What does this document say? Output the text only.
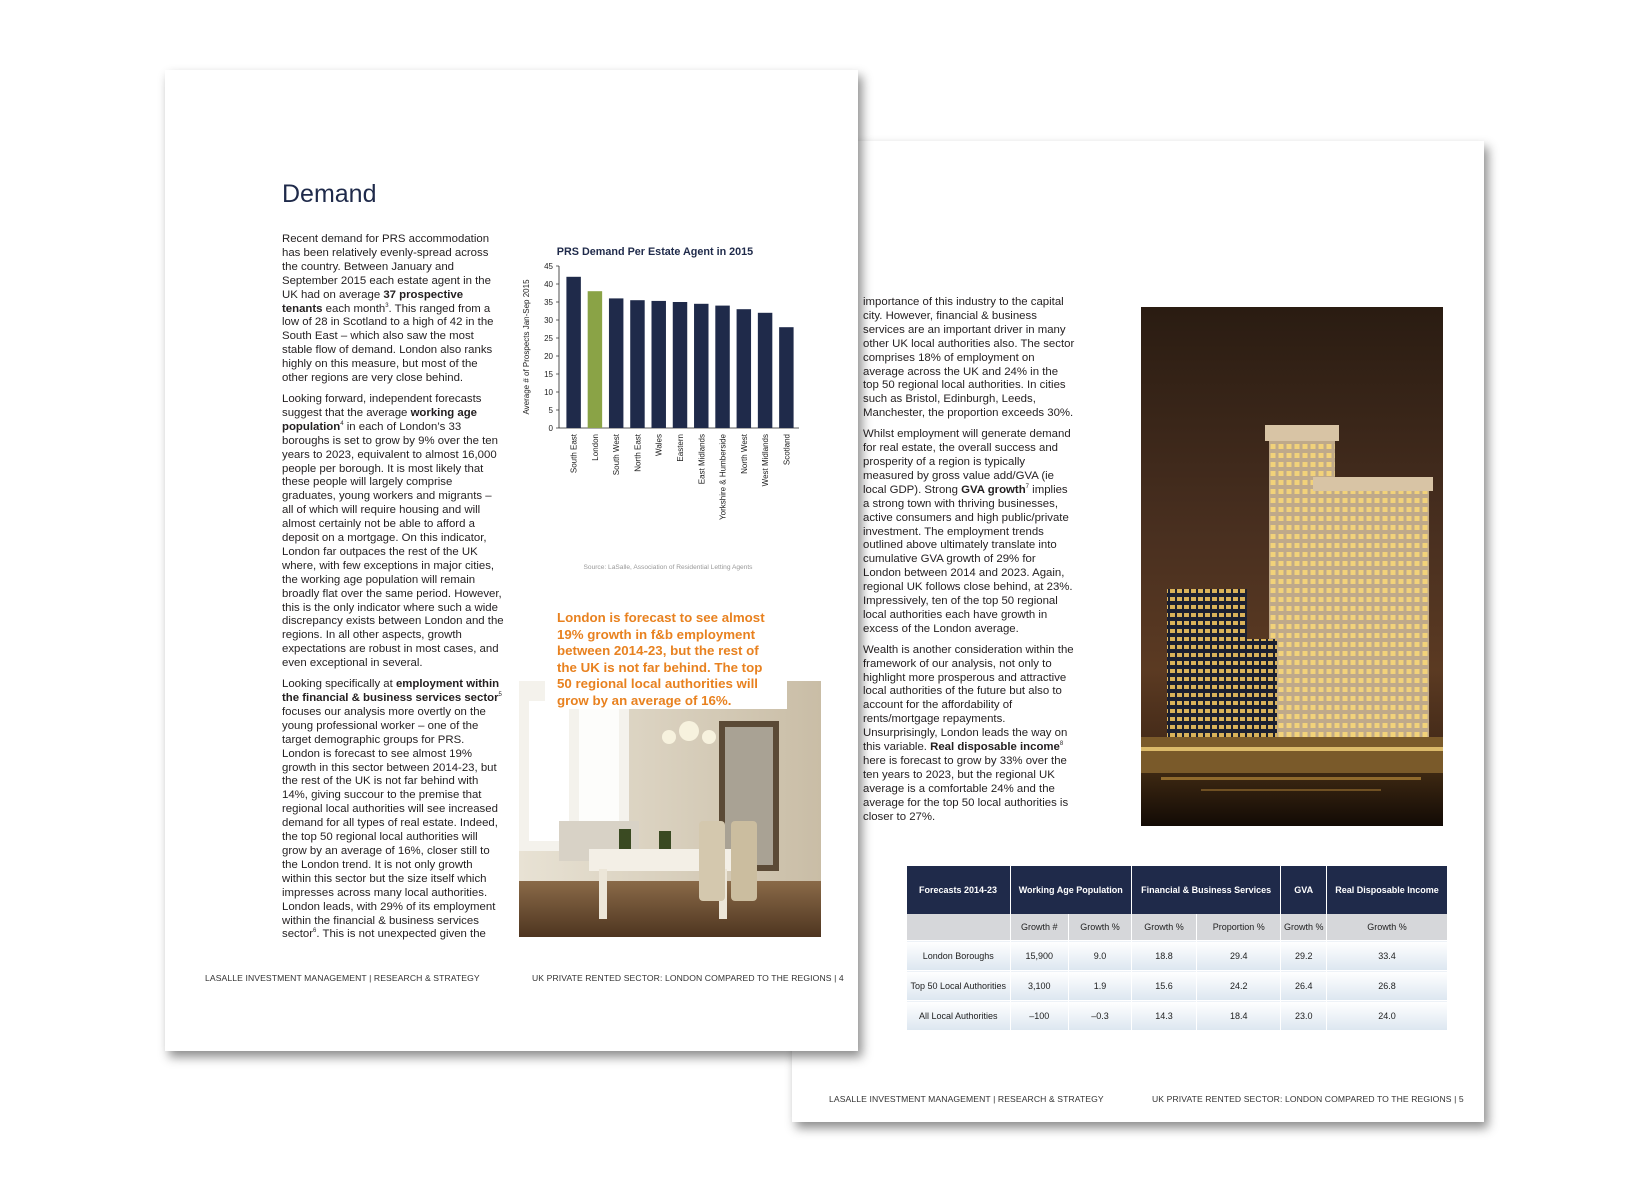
importance of this industry to the capital city. However, financial & business services are an important driver in many other UK local authorities also. The sector comprises 18% of employment on average across the UK and 24% in the top 50 regional local authorities. In cities such as Bristol, Edinburgh, Leeds, Manchester, the proportion exceeds 30%.

Whilst employment will generate demand for real estate, the overall success and prosperity of a region is typically measured by gross value add/GVA (ie local GDP). Strong GVA growth$^7$ implies a strong town with thriving businesses, active consumers and high public/private investment. The employment trends outlined above ultimately translate into cumulative GVA growth of 29% for London between 2014 and 2023. Again, regional UK follows close behind, at 23%. Impressively, ten of the top 50 regional local authorities each have growth in excess of the London average.

Wealth is another consideration within the framework of our analysis, not only to highlight more prosperous and attractive local authorities of the future but also to account for the affordability of rents/mortgage repayments. Unsurprisingly, London leads the way on this variable. Real disposable income$^8$ here is forecast to grow by 33% over the ten years to 2023, but the regional UK average is a comfortable 24% and the average for the top 50 local authorities is closer to 27%.

Forecasts 2014-23	Working Age Population		Financial & Business Services		GVA	Real Disposable Income
	Growth #	Growth %	Growth %	Proportion %	Growth %	Growth %
London Boroughs	15,900	9.0	18.8	29.4	29.2	33.4
Top 50 Local Authorities	3,100	1.9	15.6	24.2	26.4	26.8
All Local Authorities	–100	–0.3	14.3	18.4	23.0	24.0
LASALLE INVESTMENT MANAGEMENT | RESEARCH & STRATEGY	UK PRIVATE RENTED SECTOR: LONDON COMPARED TO THE REGIONS | 5
Demand

Recent demand for PRS accommodation has been relatively evenly-spread across the country. Between January and September 2015 each estate agent in the UK had on average 37 prospective tenants each month$^3$. This ranged from a low of 28 in Scotland to a high of 42 in the South East – which also saw the most stable flow of demand. London also ranks highly on this measure, but most of the other regions are very close behind.

Looking forward, independent forecasts suggest that the average working age population$^4$ in each of London’s 33 boroughs is set to grow by 9% over the ten years to 2023, equivalent to almost 16,000 people per borough. It is most likely that these people will largely comprise graduates, young workers and migrants – all of which will require housing and will almost certainly not be able to afford a deposit on a mortgage. On this indicator, London far outpaces the rest of the UK where, with few exceptions in major cities, the working age population will remain broadly flat over the same period. However, this is the only indicator where such a wide discrepancy exists between London and the regions. In all other aspects, growth expectations are robust in most cases, and even exceptional in several.

Looking specifically at employment within the financial & business services sector$^5$ focuses our analysis more overtly on the young professional worker – one of the target demographic groups for PRS. London is forecast to see almost 19% growth in this sector between 2014-23, but the rest of the UK is not far behind with 14%, giving succour to the premise that regional local authorities will see increased demand for all types of real estate. Indeed, the top 50 regional local authorities will grow by an average of 16%, closer still to the London trend. It is not only growth within this sector but the size itself which impresses across many local authorities. London leads, with 29% of its employment within the financial & business services sector$^6$. This is not unexpected given the

PRS Demand Per Estate Agent in 2015
0
5
10
15
20
25
30
35
40
45
Average # of Prospects Jan-Sep 2015
South East London South West North East Wales Eastern East Midlands Yorkshire & Humberside North West West Midlands Scotland
Source: LaSalle, Association of Residential Letting Agents
London is forecast to see almost 19% growth in f&b employment between 2014-23, but the rest of the UK is not far behind. The top 50 regional local authorities will grow by an average of 16%.
LASALLE INVESTMENT MANAGEMENT | RESEARCH & STRATEGY	UK PRIVATE RENTED SECTOR: LONDON COMPARED TO THE REGIONS | 4
